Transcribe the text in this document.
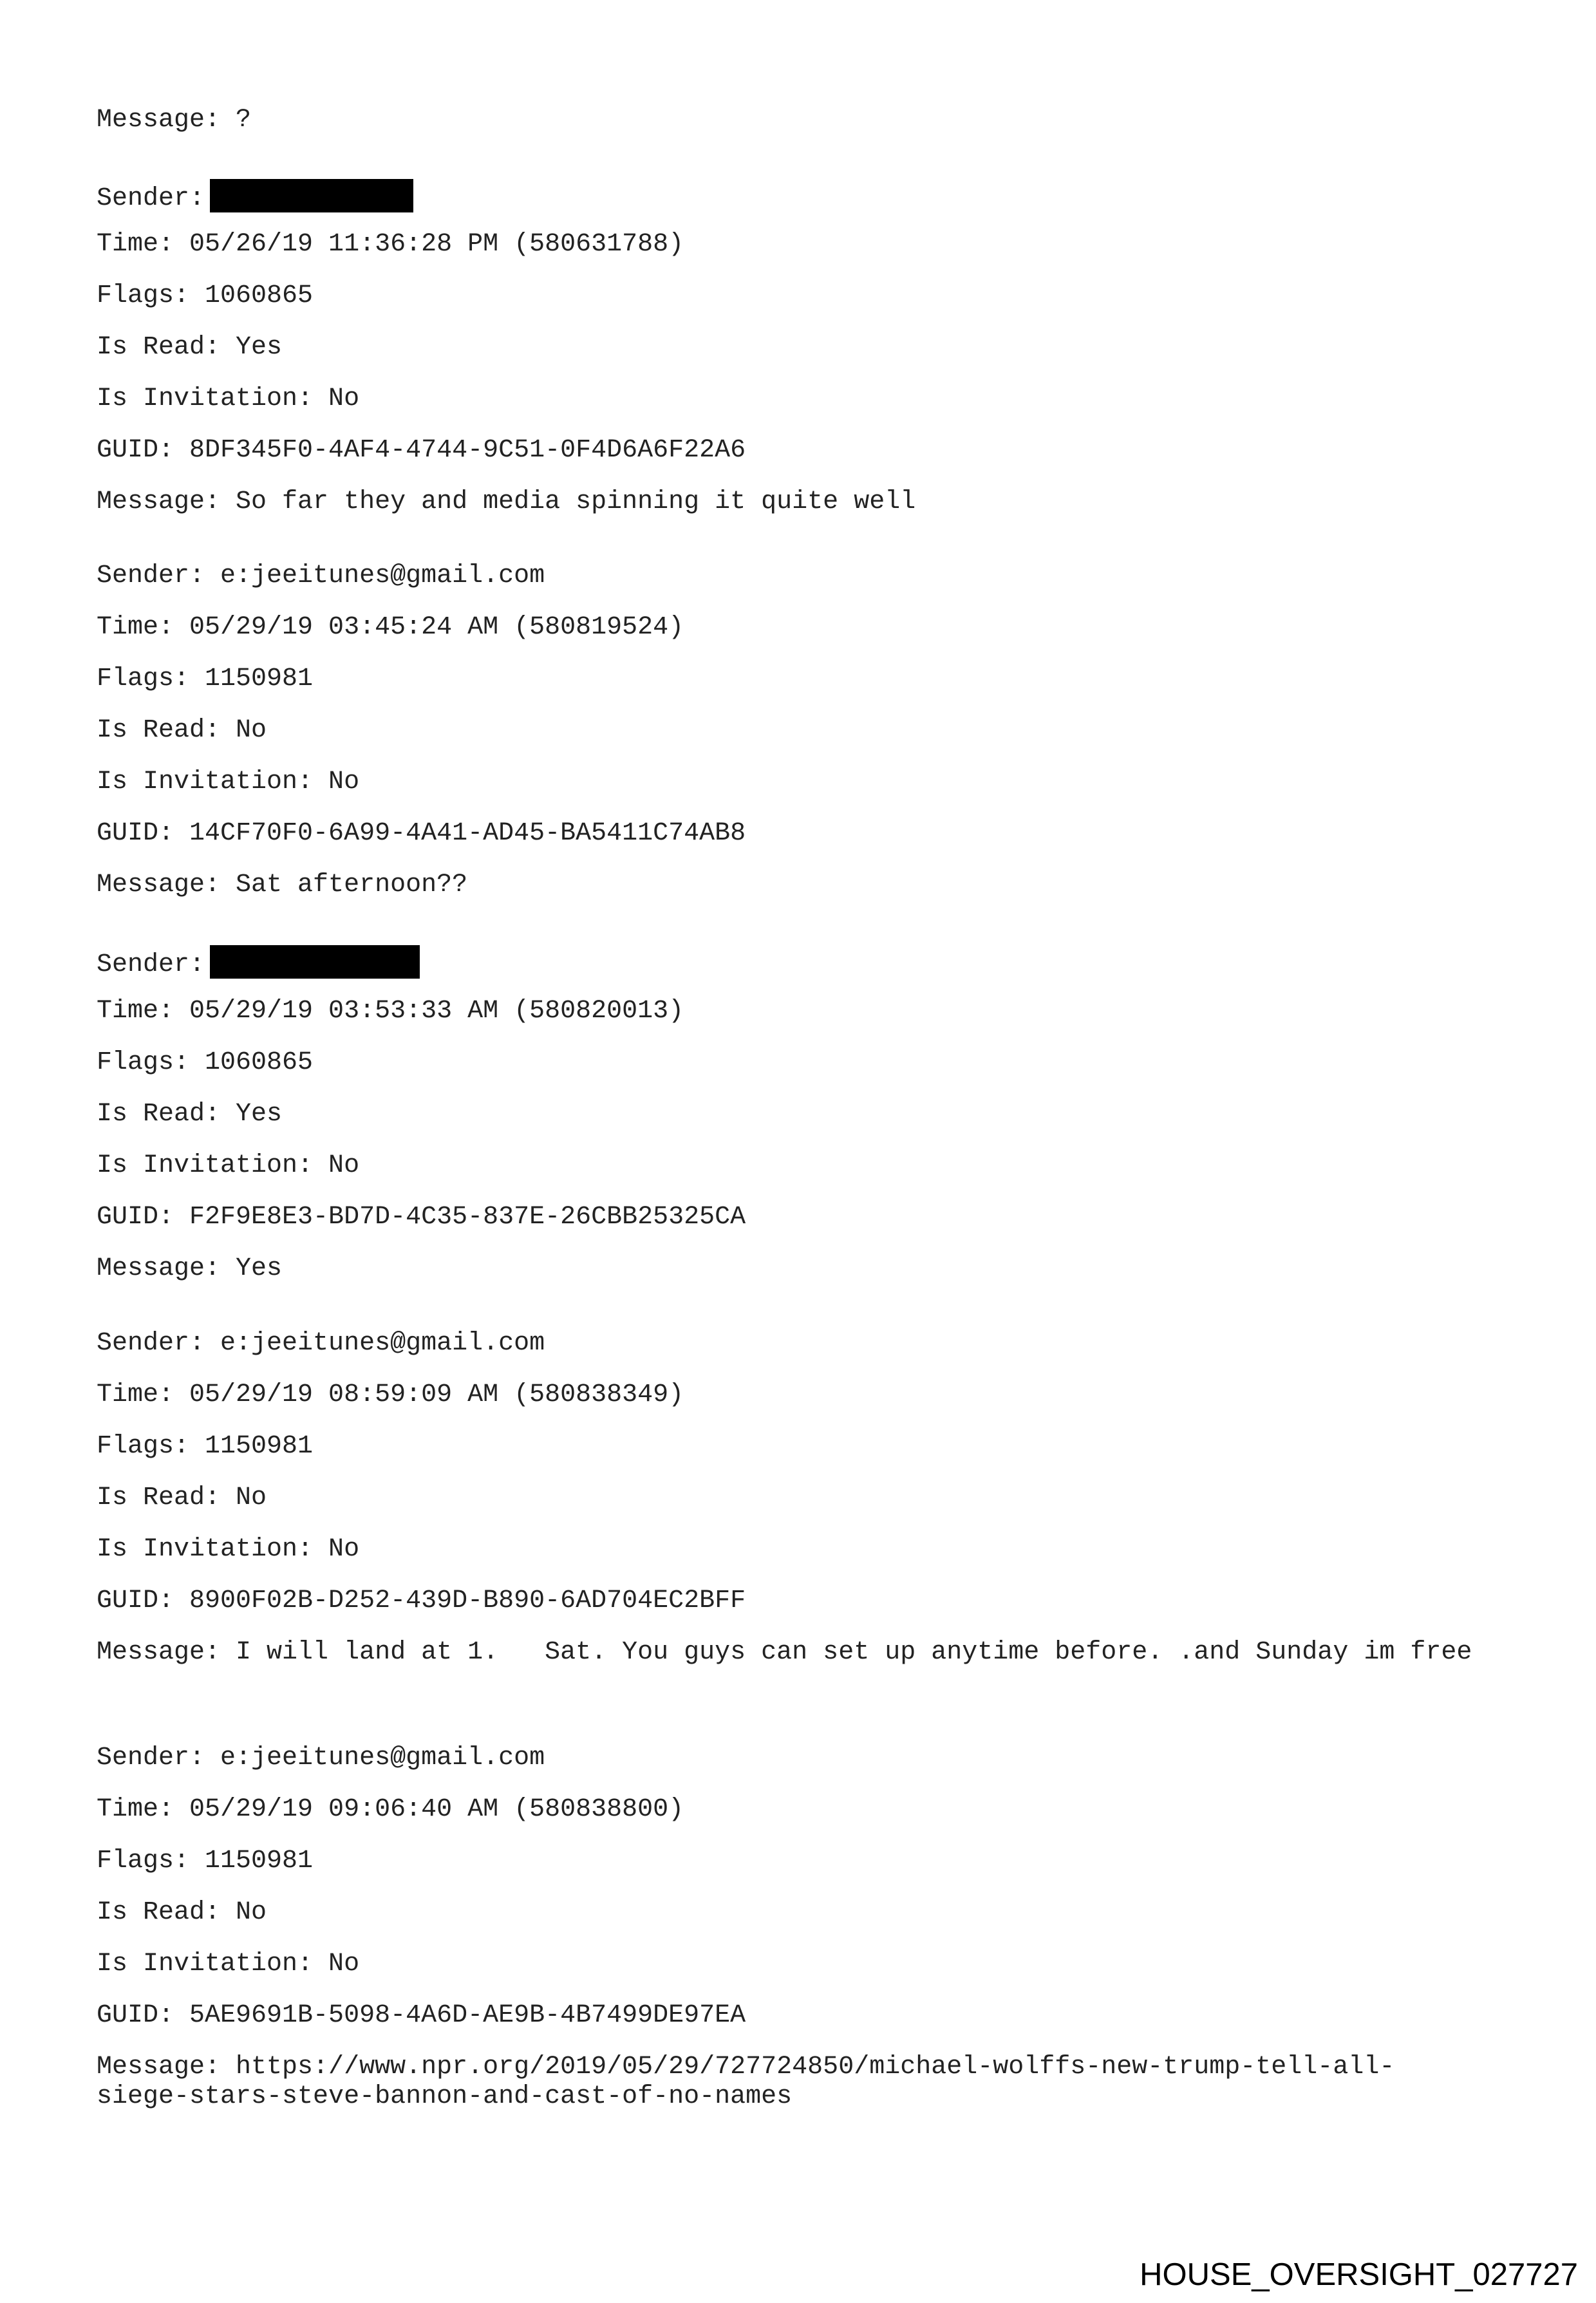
Message: ?

Sender:

Time: 05/26/19 11:36:28 PM (580631788)

Flags: 1060865

Is Read: Yes

Is Invitation: No

GUID: 8DF345F0-4AF4-4744-9C51-0F4D6A6F22A6

Message: So far they and media spinning it quite well

Sender: e:jeeitunes@gmail.com

Time: 05/29/19 03:45:24 AM (580819524)

Flags: 1150981

Is Read: No

Is Invitation: No

GUID: 14CF70F0-6A99-4A41-AD45-BA5411C74AB8

Message: Sat afternoon??

Sender:

Time: 05/29/19 03:53:33 AM (580820013)

Flags: 1060865

Is Read: Yes

Is Invitation: No

GUID: F2F9E8E3-BD7D-4C35-837E-26CBB25325CA

Message: Yes

Sender: e:jeeitunes@gmail.com

Time: 05/29/19 08:59:09 AM (580838349)

Flags: 1150981

Is Read: No

Is Invitation: No

GUID: 8900F02B-D252-439D-B890-6AD704EC2BFF

Message: I will land at 1.   Sat. You guys can set up anytime before. .and Sunday im free

Sender: e:jeeitunes@gmail.com

Time: 05/29/19 09:06:40 AM (580838800)

Flags: 1150981

Is Read: No

Is Invitation: No

GUID: 5AE9691B-5098-4A6D-AE9B-4B7499DE97EA

Message: https://www.npr.org/2019/05/29/727724850/michael-wolffs-new-trump-tell-all-siege-stars-steve-bannon-and-cast-of-no-names

HOUSE_OVERSIGHT_027727
